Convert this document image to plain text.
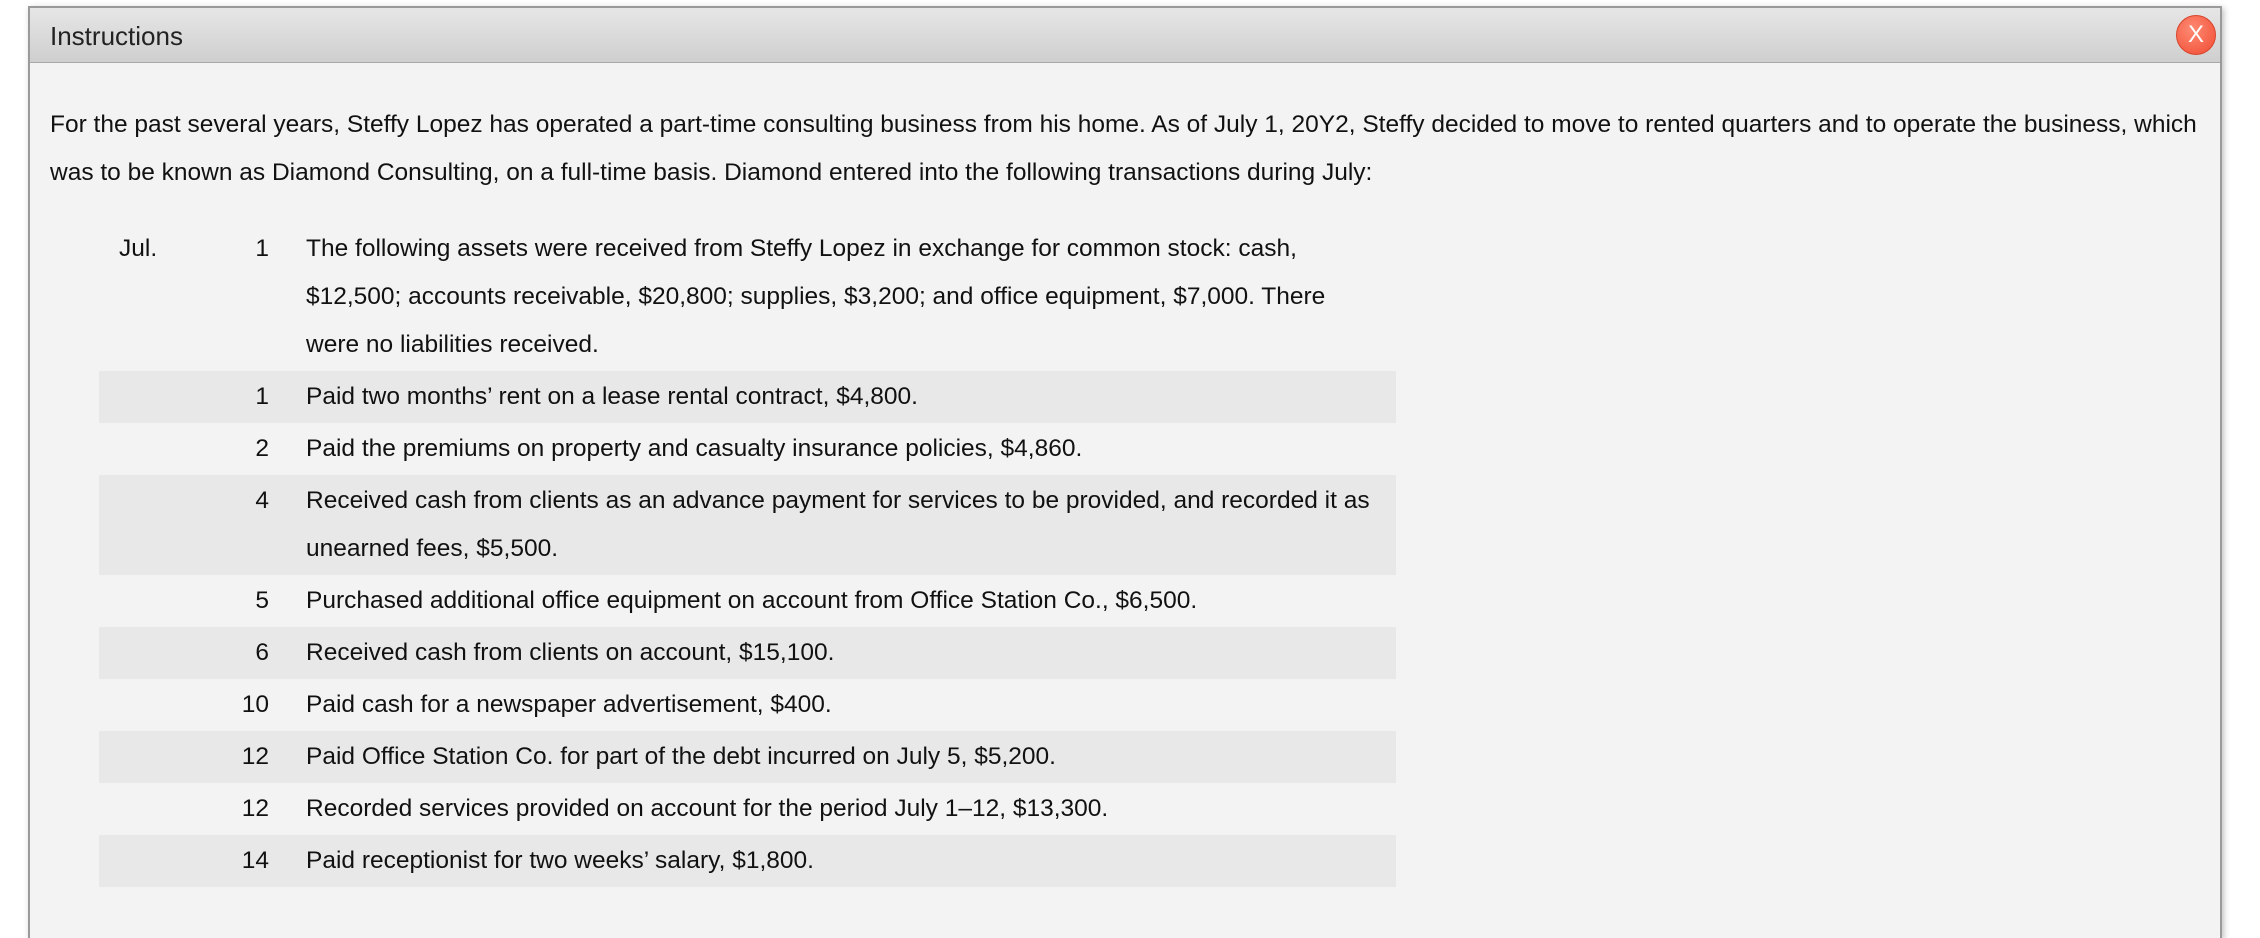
Instructions	X

For the past several years, Steffy Lopez has operated a part-time consulting business from his home. As of July 1, 20Y2, Steffy decided to move to rented quarters and to operate the business, which was to be known as Diamond Consulting, on a full-time basis. Diamond entered into the following transactions during July:

Jul.	1	The following assets were received from Steffy Lopez in exchange for common stock: cash, $12,500; accounts receivable, $20,800; supplies, $3,200; and office equipment, $7,000. There were no liabilities received.
	1	Paid two months’ rent on a lease rental contract, $4,800.
	2	Paid the premiums on property and casualty insurance policies, $4,860.
	4	Received cash from clients as an advance payment for services to be provided, and recorded it as unearned fees, $5,500.
	5	Purchased additional office equipment on account from Office Station Co., $6,500.
	6	Received cash from clients on account, $15,100.
	10	Paid cash for a newspaper advertisement, $400.
	12	Paid Office Station Co. for part of the debt incurred on July 5, $5,200.
	12	Recorded services provided on account for the period July 1–12, $13,300.
	14	Paid receptionist for two weeks’ salary, $1,800.
